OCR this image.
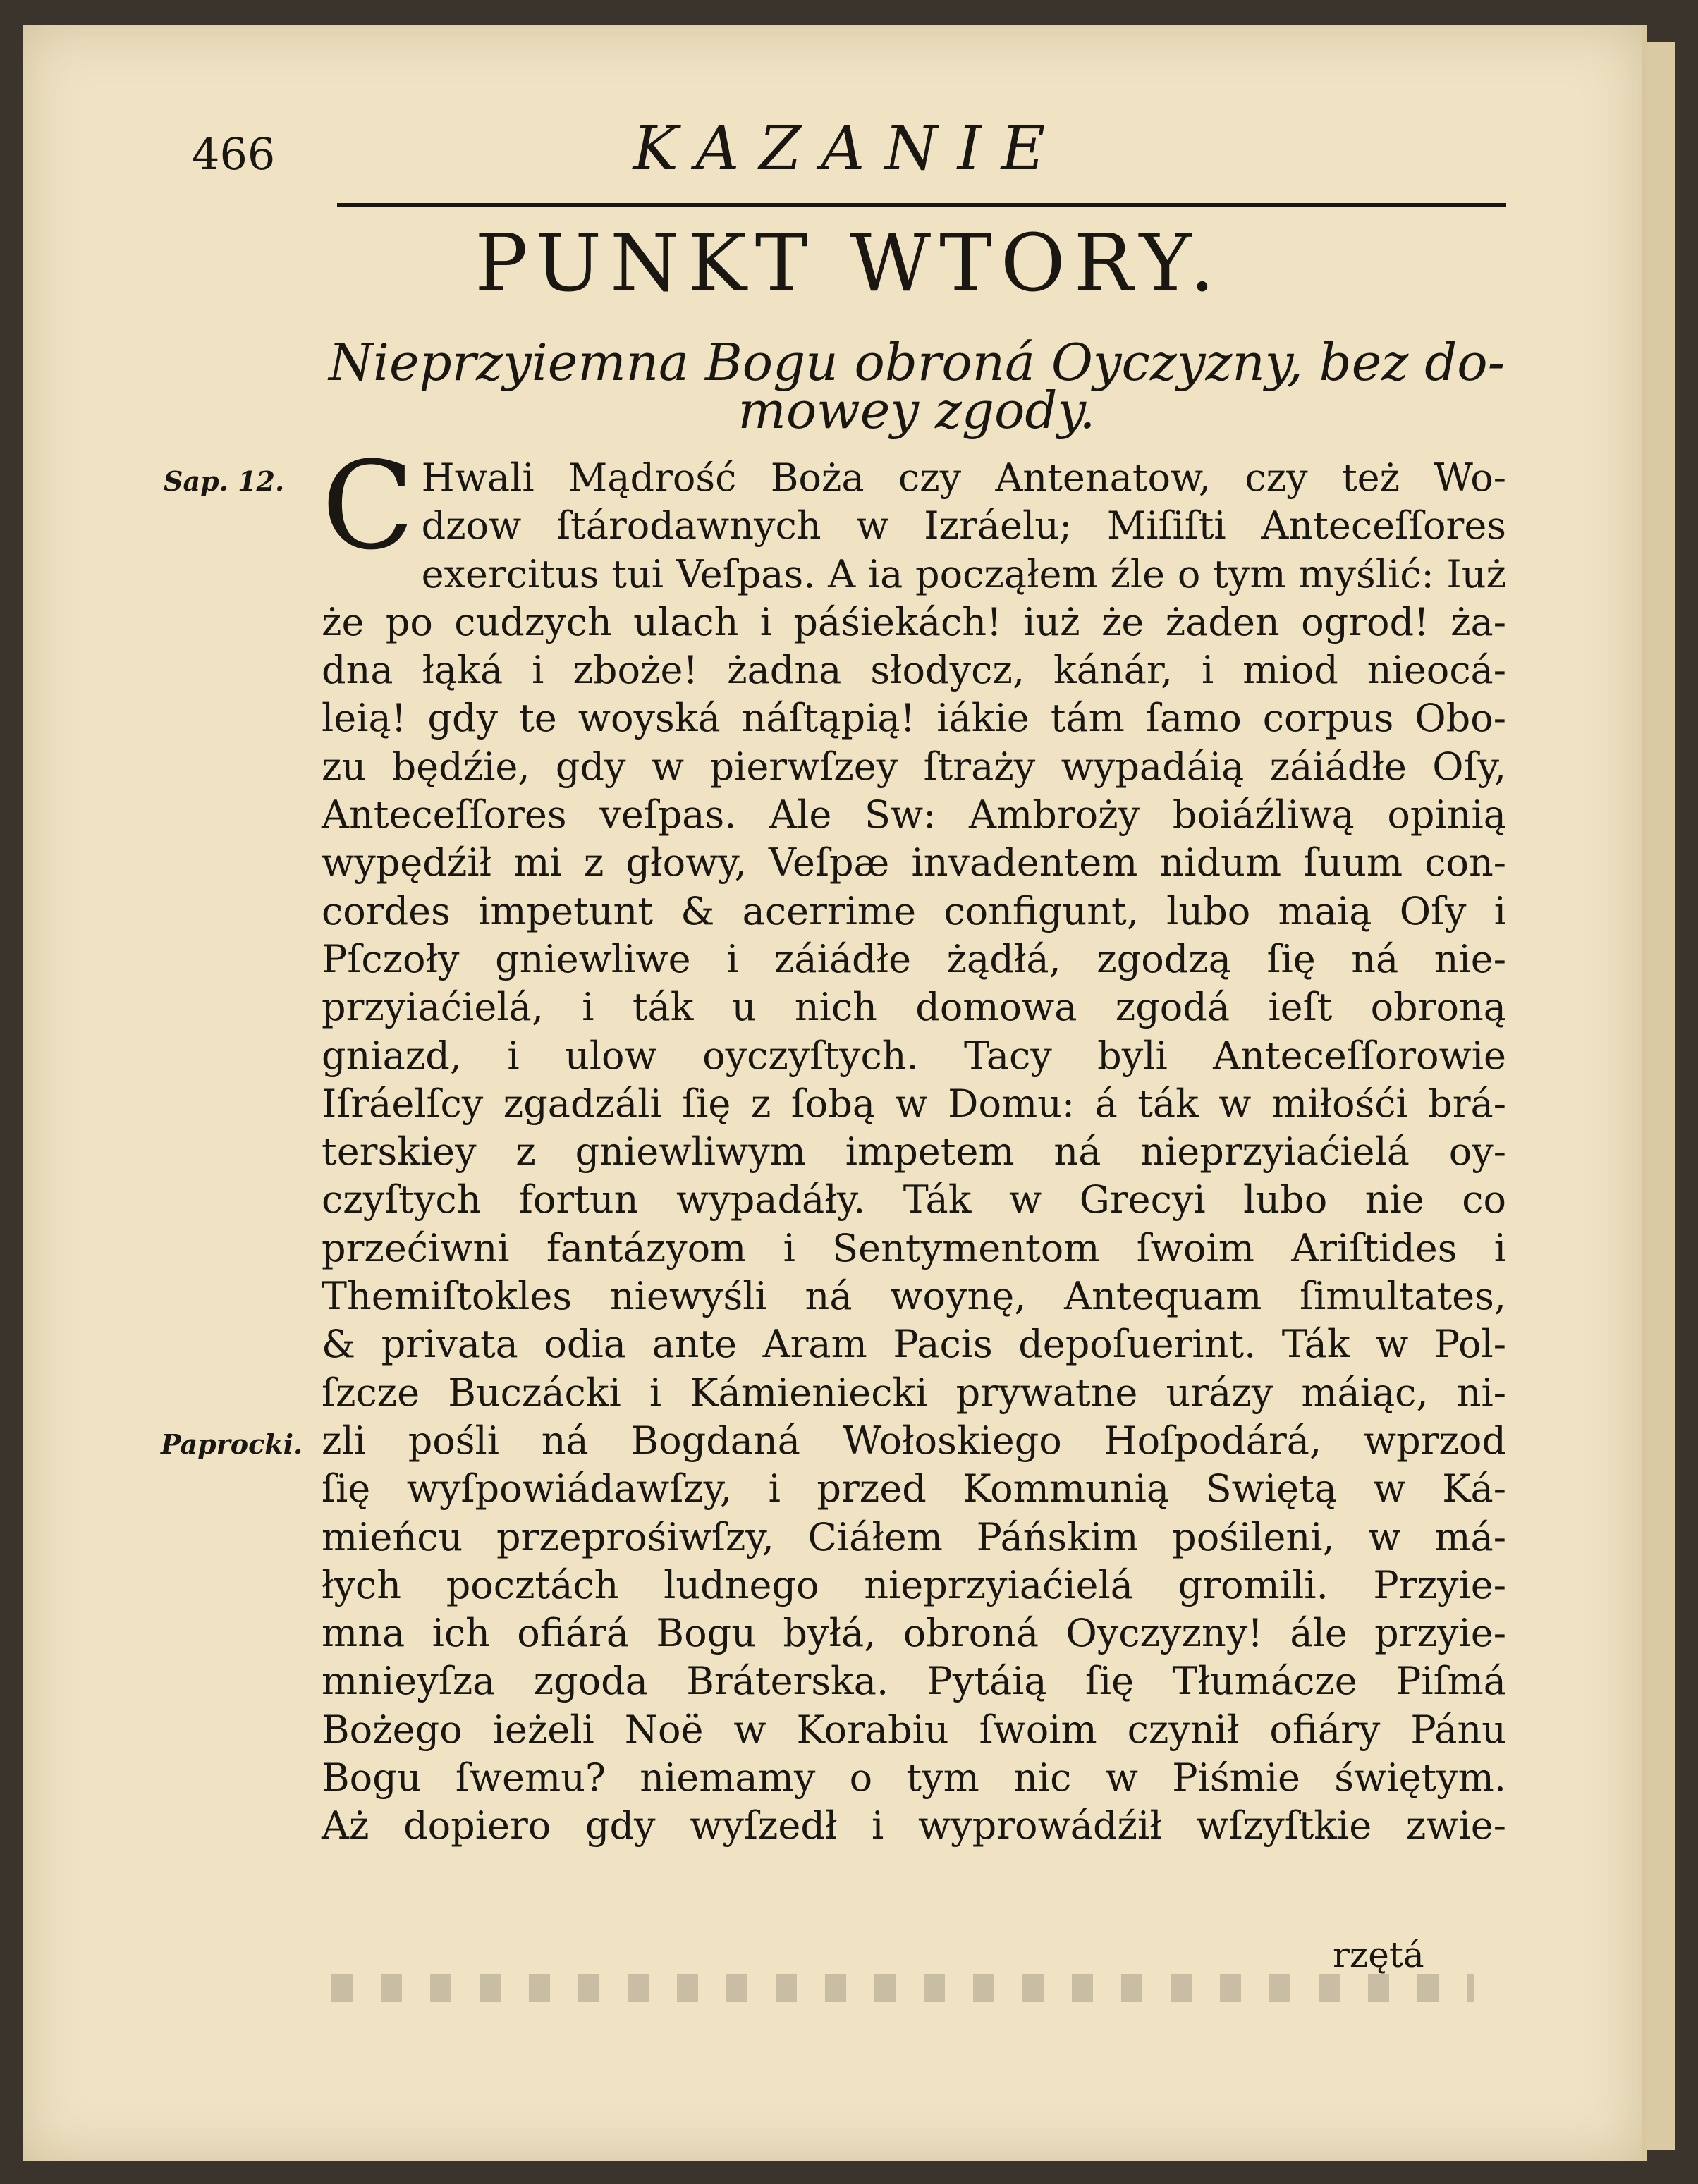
466	KAZANIE
PUNKT WTORY.
Nieprzyiemna Bogu obroná Oyczyzny, bez do-
mowey zgody.
Sap. 12.
Paprocki.
C Hwali Mądrość Boża czy Antenatow, czy też Wo-
dzow ſtárodawnych w Izráelu; Miſiſti Anteceſſores
exercitus tui Veſpas. A ia począłem źle o tym myślić: Iuż
że po cudzych ulach i páśiekách! iuż że żaden ogrod! ża-
dna łąká i zboże! żadna słodycz, kánár, i miod nieocá-
leią! gdy te woyská náſtąpią! iákie tám ſamo corpus Obo-
zu będźie, gdy w pierwſzey ſtraży wypadáią záiádłe Oſy,
Anteceſſores veſpas. Ale Sw: Ambroży boiáźliwą opinią
wypędźił mi z głowy, Veſpæ invadentem nidum ſuum con-
cordes impetunt & acerrime configunt, lubo maią Oſy i
Pſczoły gniewliwe i záiádłe żądłá, zgodzą ſię ná nie-
przyiaćielá, i ták u nich domowa zgodá ieſt obroną
gniazd, i ulow oyczyſtych. Tacy byli Anteceſſorowie
Iſráelſcy zgadzáli ſię z ſobą w Domu: á ták w miłośći brá-
terskiey z gniewliwym impetem ná nieprzyiaćielá oy-
czyſtych fortun wypadáły. Ták w Grecyi lubo nie co
przećiwni fantázyom i Sentymentom ſwoim Ariſtides i
Themiſtokles niewyśli ná woynę, Antequam ſimultates,
& privata odia ante Aram Pacis depoſuerint. Ták w Pol-
ſzcze Buczácki i Kámieniecki prywatne urázy máiąc, ni-
zli pośli ná Bogdaná Wołoskiego Hoſpodárá, wprzod
ſię wyſpowiádawſzy, i przed Kommunią Swiętą w Ká-
mieńcu przeprośiwſzy, Ciáłem Páńskim pośileni, w má-
łych pocztách ludnego nieprzyiaćielá gromili. Przyie-
mna ich ofiárá Bogu byłá, obroná Oyczyzny! ále przyie-
mnieyſza zgoda Bráterska. Pytáią ſię Tłumácze Piſmá
Bożego ieżeli Noë w Korabiu ſwoim czynił ofiáry Pánu
Bogu ſwemu? niemamy o tym nic w Piśmie świętym.
Aż dopiero gdy wyſzedł i wyprowádźił wſzyſtkie zwie-
rzętá
